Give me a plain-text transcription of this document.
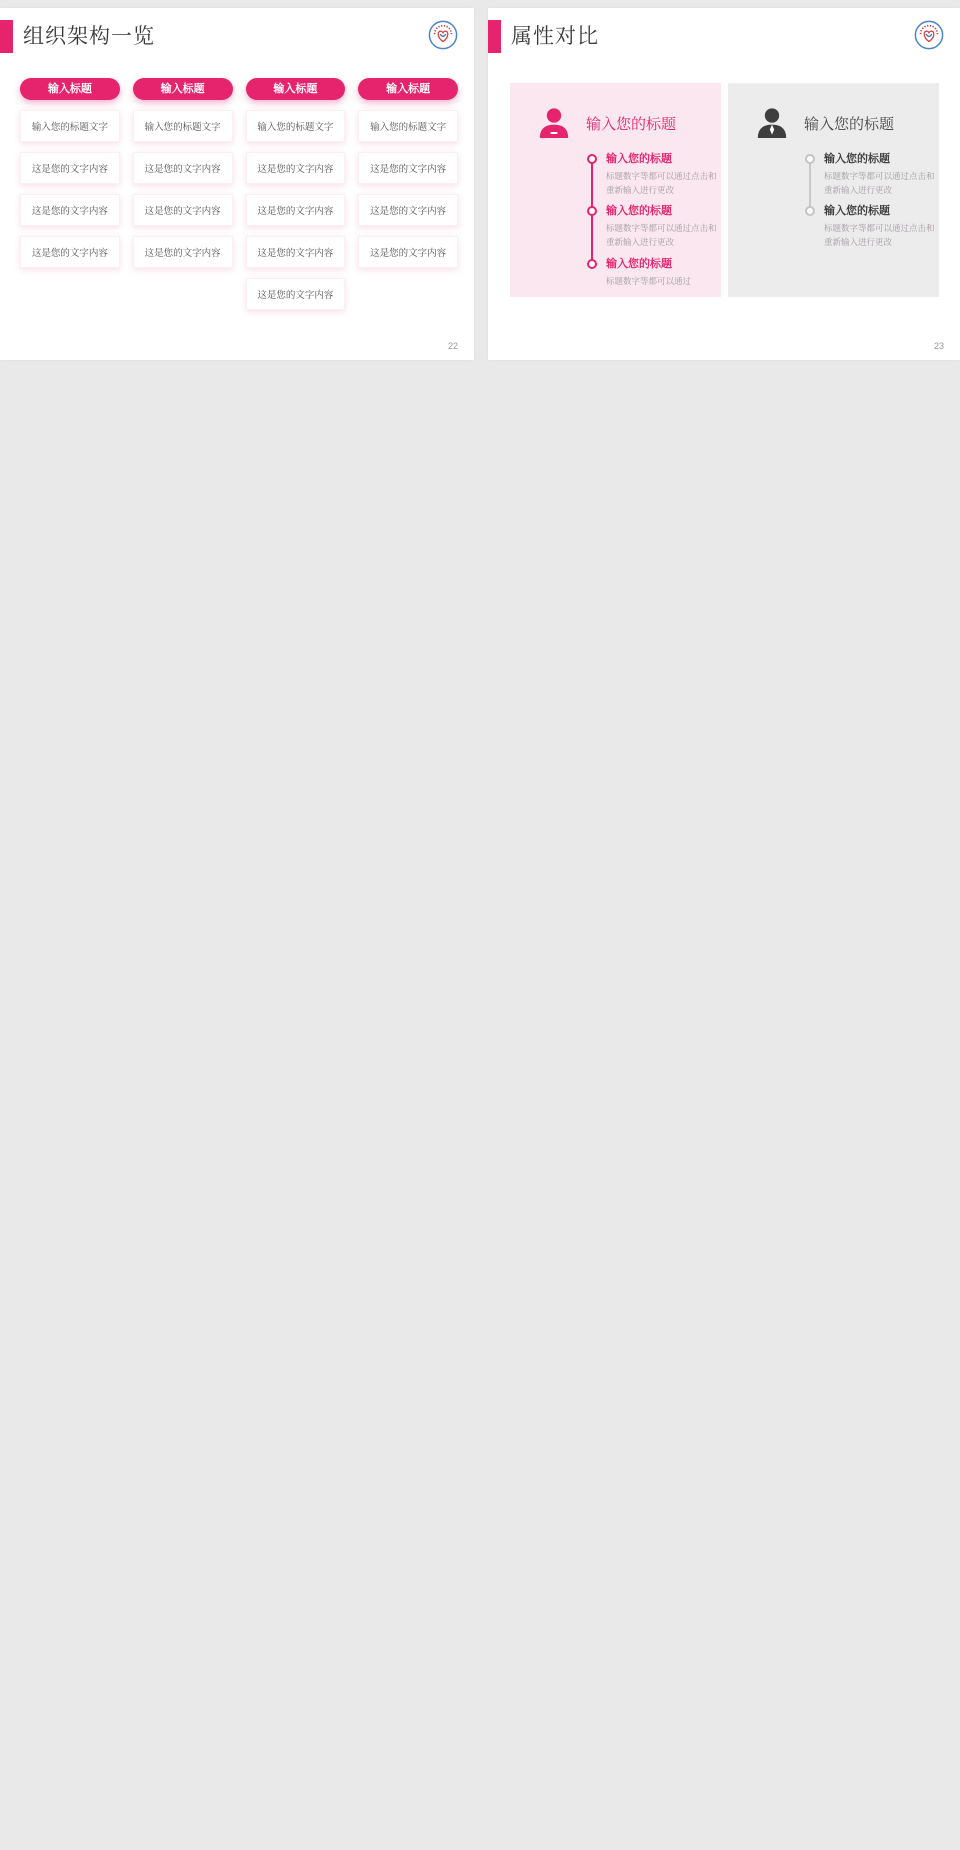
组织架构一览
输入标题
输入您的标题文字
这是您的文字内容
这是您的文字内容
这是您的文字内容
输入标题
输入您的标题文字
这是您的文字内容
这是您的文字内容
这是您的文字内容
输入标题
输入您的标题文字
这是您的文字内容
这是您的文字内容
这是您的文字内容
这是您的文字内容
输入标题
输入您的标题文字
这是您的文字内容
这是您的文字内容
这是您的文字内容
22
属性对比
输入您的标题
输入您的标题
标题数字等都可以通过点击和重新输入进行更改
输入您的标题
标题数字等都可以通过点击和重新输入进行更改
输入您的标题
标题数字等都可以通过
输入您的标题
输入您的标题
标题数字等都可以通过点击和重新输入进行更改
输入您的标题
标题数字等都可以通过点击和重新输入进行更改
23

点击此处添加标题
点击此处添加标题

此处添加标题	此处添加标题
此处添加标题
此处添加标题
